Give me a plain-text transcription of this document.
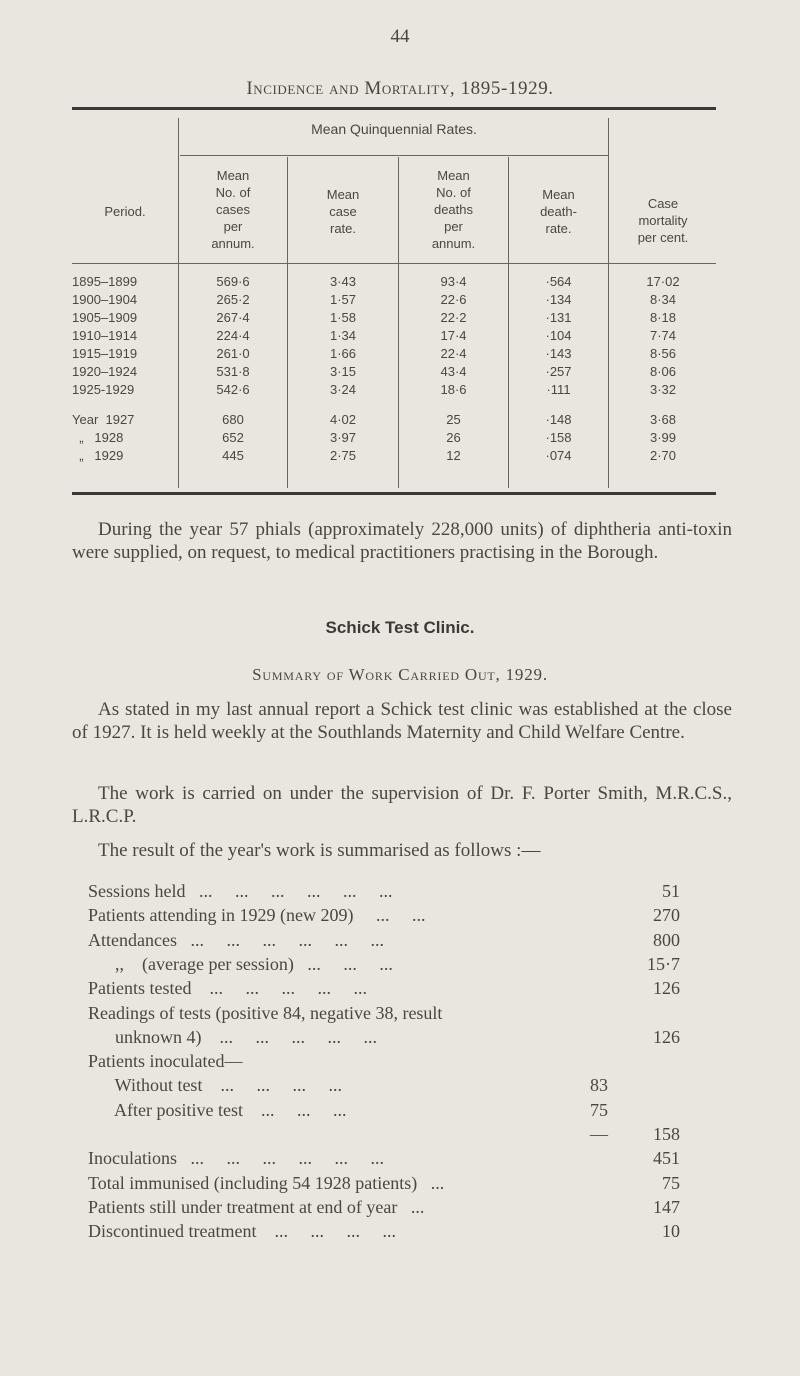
44
Incidence and Mortality, 1895-1929.
Mean Quinquennial Rates.
Period.
Mean
No. of
cases
per
annum.
Mean
case
rate.
Mean
No. of
deaths
per
annum.
Mean
death-
rate.
Case
mortality
per cent.
1895–1899	569·6	3·43	93·4	·564	17·02
1900–1904	265·2	1·57	22·6	·134	8·34
1905–1909	267·4	1·58	22·2	·131	8·18
1910–1914	224·4	1·34	17·4	·104	7·74
1915–1919	261·0	1·66	22·4	·143	8·56
1920–1924	531·8	3·15	43·4	·257	8·06
1925-1929	542·6	3·24	18·6	·111	3·32
Year  1927	680	4·02	25	·148	3·68
„   1928	652	3·97	26	·158	3·99
„   1929	445	2·75	12	·074	2·70
During the year 57 phials (approximately 228,000 units) of diphtheria anti-toxin were supplied, on request, to medical practitioners practising in the Borough.
Schick Test Clinic.
Summary of Work Carried Out, 1929.
As stated in my last annual report a Schick test clinic was established at the close of 1927. It is held weekly at the Southlands Maternity and Child Welfare Centre.
The work is carried on under the supervision of Dr. F. Porter Smith, M.R.C.S., L.R.C.P.
The result of the year's work is summarised as follows :—
Sessions held   ...     ...     ...     ...     ...     ...	51
Patients attending in 1929 (new 209)     ...     ...	270
Attendances   ...     ...     ...     ...     ...     ...	800
,,    (average per session)   ...     ...     ...	15·7
Patients tested    ...     ...     ...     ...     ...	126
Readings of tests (positive 84, negative 38, result
unknown 4)    ...     ...     ...     ...     ...	126
Patients inoculated—
Without test    ...     ...     ...     ...	83
After positive test    ...     ...     ...	75
—	158
Inoculations   ...     ...     ...     ...     ...     ...	451
Total immunised (including 54 1928 patients)   ...	75
Patients still under treatment at end of year   ...	147
Discontinued treatment    ...     ...     ...     ...	10
